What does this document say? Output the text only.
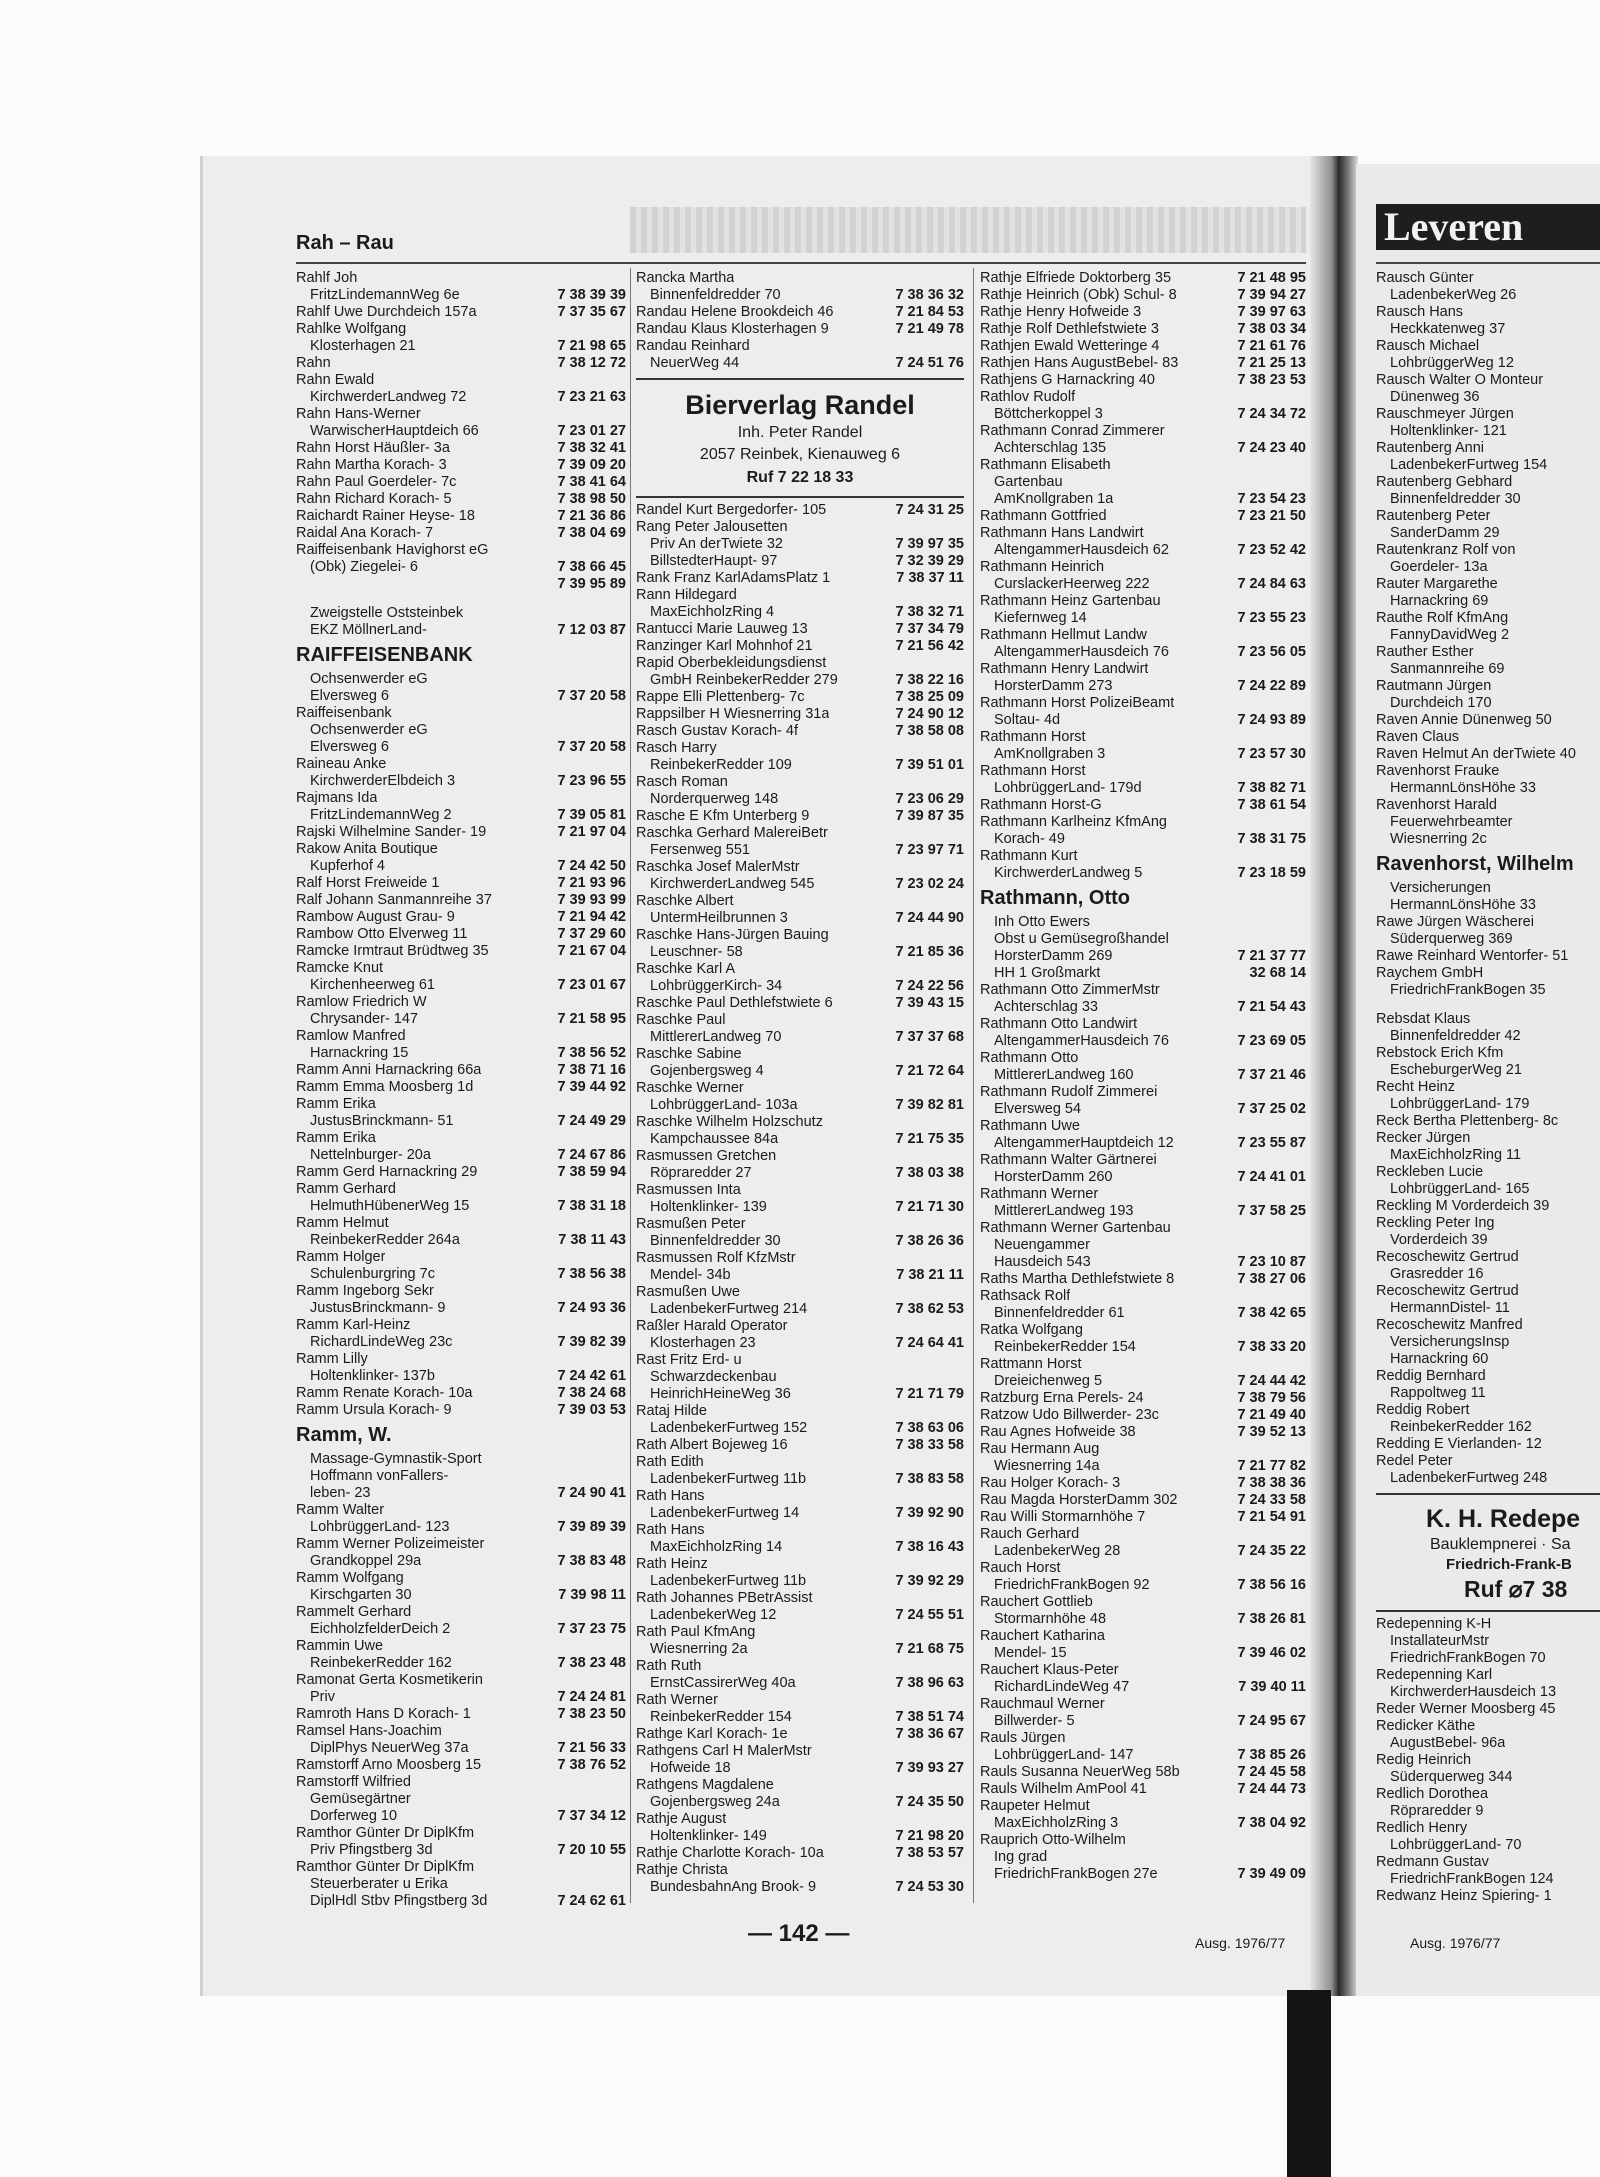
Rah – Rau
Rahlf Joh
FritzLindemannWeg 6e	7 38 39 39
Rahlf Uwe Durchdeich 157a	7 37 35 67
Rahlke Wolfgang
Klosterhagen 21	7 21 98 65
Rahn	7 38 12 72
Rahn Ewald
KirchwerderLandweg 72	7 23 21 63
Rahn Hans-Werner
WarwischerHauptdeich 66	7 23 01 27
Rahn Horst Häußler- 3a	7 38 32 41
Rahn Martha Korach- 3	7 39 09 20
Rahn Paul Goerdeler- 7c	7 38 41 64
Rahn Richard Korach- 5	7 38 98 50
Raichardt Rainer Heyse- 18	7 21 36 86
Raidal Ana Korach- 7	7 38 04 69
Raiffeisenbank Havighorst eG
(Obk) Ziegelei- 6	7 38 66 45
7 39 95 89
Zweigstelle Oststeinbek
EKZ MöllnerLand-	7 12 03 87
RAIFFEISENBANK
Ochsenwerder eG
Elversweg 6	7 37 20 58
Raiffeisenbank
Ochsenwerder eG
Elversweg 6	7 37 20 58
Raineau Anke
KirchwerderElbdeich 3	7 23 96 55
Rajmans Ida
FritzLindemannWeg 2	7 39 05 81
Rajski Wilhelmine Sander- 19	7 21 97 04
Rakow Anita Boutique
Kupferhof 4	7 24 42 50
Ralf Horst Freiweide 1	7 21 93 96
Ralf Johann Sanmannreihe 37	7 39 93 99
Rambow August Grau- 9	7 21 94 42
Rambow Otto Elverweg 11	7 37 29 60
Ramcke Irmtraut Brüdtweg 35	7 21 67 04
Ramcke Knut
Kirchenheerweg 61	7 23 01 67
Ramlow Friedrich W
Chrysander- 147	7 21 58 95
Ramlow Manfred
Harnackring 15	7 38 56 52
Ramm Anni Harnackring 66a	7 38 71 16
Ramm Emma Moosberg 1d	7 39 44 92
Ramm Erika
JustusBrinckmann- 51	7 24 49 29
Ramm Erika
Nettelnburger- 20a	7 24 67 86
Ramm Gerd Harnackring 29	7 38 59 94
Ramm Gerhard
HelmuthHübenerWeg 15	7 38 31 18
Ramm Helmut
ReinbekerRedder 264a	7 38 11 43
Ramm Holger
Schulenburgring 7c	7 38 56 38
Ramm Ingeborg Sekr
JustusBrinckmann- 9	7 24 93 36
Ramm Karl-Heinz
RichardLindeWeg 23c	7 39 82 39
Ramm Lilly
Holtenklinker- 137b	7 24 42 61
Ramm Renate Korach- 10a	7 38 24 68
Ramm Ursula Korach- 9	7 39 03 53
Ramm, W.
Massage-Gymnastik-Sport
Hoffmann vonFallers-
leben- 23	7 24 90 41
Ramm Walter
LohbrüggerLand- 123	7 39 89 39
Ramm Werner Polizeimeister
Grandkoppel 29a	7 38 83 48
Ramm Wolfgang
Kirschgarten 30	7 39 98 11
Rammelt Gerhard
EichholzfelderDeich 2	7 37 23 75
Rammin Uwe
ReinbekerRedder 162	7 38 23 48
Ramonat Gerta Kosmetikerin
Priv	7 24 24 81
Ramroth Hans D Korach- 1	7 38 23 50
Ramsel Hans-Joachim
DiplPhys NeuerWeg 37a	7 21 56 33
Ramstorff Arno Moosberg 15	7 38 76 52
Ramstorff Wilfried
Gemüsegärtner
Dorferweg 10	7 37 34 12
Ramthor Günter Dr DiplKfm
Priv Pfingstberg 3d	7 20 10 55
Ramthor Günter Dr DiplKfm
Steuerberater u Erika
DiplHdl Stbv Pfingstberg 3d	7 24 62 61
Rancka Martha
Binnenfeldredder 70	7 38 36 32
Randau Helene Brookdeich 46	7 21 84 53
Randau Klaus Klosterhagen 9	7 21 49 78
Randau Reinhard
NeuerWeg 44	7 24 51 76
Bierverlag Randel
Inh. Peter Randel
2057 Reinbek, Kienauweg 6
Ruf 7 22 18 33
Randel Kurt Bergedorfer- 105	7 24 31 25
Rang Peter Jalousetten
Priv An derTwiete 32	7 39 97 35
BillstedterHaupt- 97	7 32 39 29
Rank Franz KarlAdamsPlatz 1	7 38 37 11
Rann Hildegard
MaxEichholzRing 4	7 38 32 71
Rantucci Marie Lauweg 13	7 37 34 79
Ranzinger Karl Mohnhof 21	7 21 56 42
Rapid Oberbekleidungsdienst
GmbH ReinbekerRedder 279	7 38 22 16
Rappe Elli Plettenberg- 7c	7 38 25 09
Rappsilber H Wiesnerring 31a	7 24 90 12
Rasch Gustav Korach- 4f	7 38 58 08
Rasch Harry
ReinbekerRedder 109	7 39 51 01
Rasch Roman
Norderquerweg 148	7 23 06 29
Rasche E Kfm Unterberg 9	7 39 87 35
Raschka Gerhard MalereiBetr
Fersenweg 551	7 23 97 71
Raschka Josef MalerMstr
KirchwerderLandweg 545	7 23 02 24
Raschke Albert
UntermHeilbrunnen 3	7 24 44 90
Raschke Hans-Jürgen Bauing
Leuschner- 58	7 21 85 36
Raschke Karl A
LohbrüggerKirch- 34	7 24 22 56
Raschke Paul Dethlefstwiete 6	7 39 43 15
Raschke Paul
MittlererLandweg 70	7 37 37 68
Raschke Sabine
Gojenbergsweg 4	7 21 72 64
Raschke Werner
LohbrüggerLand- 103a	7 39 82 81
Raschke Wilhelm Holzschutz
Kampchaussee 84a	7 21 75 35
Rasmussen Gretchen
Röpraredder 27	7 38 03 38
Rasmussen Inta
Holtenklinker- 139	7 21 71 30
Rasmußen Peter
Binnenfeldredder 30	7 38 26 36
Rasmussen Rolf KfzMstr
Mendel- 34b	7 38 21 11
Rasmußen Uwe
LadenbekerFurtweg 214	7 38 62 53
Raßler Harald Operator
Klosterhagen 23	7 24 64 41
Rast Fritz Erd- u
Schwarzdeckenbau
HeinrichHeineWeg 36	7 21 71 79
Rataj Hilde
LadenbekerFurtweg 152	7 38 63 06
Rath Albert Bojeweg 16	7 38 33 58
Rath Edith
LadenbekerFurtweg 11b	7 38 83 58
Rath Hans
LadenbekerFurtweg 14	7 39 92 90
Rath Hans
MaxEichholzRing 14	7 38 16 43
Rath Heinz
LadenbekerFurtweg 11b	7 39 92 29
Rath Johannes PBetrAssist
LadenbekerWeg 12	7 24 55 51
Rath Paul KfmAng
Wiesnerring 2a	7 21 68 75
Rath Ruth
ErnstCassirerWeg 40a	7 38 96 63
Rath Werner
ReinbekerRedder 154	7 38 51 74
Rathge Karl Korach- 1e	7 38 36 67
Rathgens Carl H MalerMstr
Hofweide 18	7 39 93 27
Rathgens Magdalene
Gojenbergsweg 24a	7 24 35 50
Rathje August
Holtenklinker- 149	7 21 98 20
Rathje Charlotte Korach- 10a	7 38 53 57
Rathje Christa
BundesbahnAng Brook- 9	7 24 53 30
Rathje Elfriede Doktorberg 35	7 21 48 95
Rathje Heinrich (Obk) Schul- 8	7 39 94 27
Rathje Henry Hofweide 3	7 39 97 63
Rathje Rolf Dethlefstwiete 3	7 38 03 34
Rathjen Ewald Wetteringe 4	7 21 61 76
Rathjen Hans AugustBebel- 83	7 21 25 13
Rathjens G Harnackring 40	7 38 23 53
Rathlov Rudolf
Böttcherkoppel 3	7 24 34 72
Rathmann Conrad Zimmerer
Achterschlag 135	7 24 23 40
Rathmann Elisabeth
Gartenbau
AmKnollgraben 1a	7 23 54 23
Rathmann Gottfried	7 23 21 50
Rathmann Hans Landwirt
AltengammerHausdeich 62	7 23 52 42
Rathmann Heinrich
CurslackerHeerweg 222	7 24 84 63
Rathmann Heinz Gartenbau
Kiefernweg 14	7 23 55 23
Rathmann Hellmut Landw
AltengammerHausdeich 76	7 23 56 05
Rathmann Henry Landwirt
HorsterDamm 273	7 24 22 89
Rathmann Horst PolizeiBeamt
Soltau- 4d	7 24 93 89
Rathmann Horst
AmKnollgraben 3	7 23 57 30
Rathmann Horst
LohbrüggerLand- 179d	7 38 82 71
Rathmann Horst-G	7 38 61 54
Rathmann Karlheinz KfmAng
Korach- 49	7 38 31 75
Rathmann Kurt
KirchwerderLandweg 5	7 23 18 59
Rathmann, Otto
Inh Otto Ewers
Obst u Gemüsegroßhandel
HorsterDamm 269	7 21 37 77
HH 1 Großmarkt	32 68 14
Rathmann Otto ZimmerMstr
Achterschlag 33	7 21 54 43
Rathmann Otto Landwirt
AltengammerHausdeich 76	7 23 69 05
Rathmann Otto
MittlererLandweg 160	7 37 21 46
Rathmann Rudolf Zimmerei
Elversweg 54	7 37 25 02
Rathmann Uwe
AltengammerHauptdeich 12	7 23 55 87
Rathmann Walter Gärtnerei
HorsterDamm 260	7 24 41 01
Rathmann Werner
MittlererLandweg 193	7 37 58 25
Rathmann Werner Gartenbau
Neuengammer
Hausdeich 543	7 23 10 87
Raths Martha Dethlefstwiete 8	7 38 27 06
Rathsack Rolf
Binnenfeldredder 61	7 38 42 65
Ratka Wolfgang
ReinbekerRedder 154	7 38 33 20
Rattmann Horst
Dreieichenweg 5	7 24 44 42
Ratzburg Erna Perels- 24	7 38 79 56
Ratzow Udo Billwerder- 23c	7 21 49 40
Rau Agnes Hofweide 38	7 39 52 13
Rau Hermann Aug
Wiesnerring 14a	7 21 77 82
Rau Holger Korach- 3	7 38 38 36
Rau Magda HorsterDamm 302	7 24 33 58
Rau Willi Stormarnhöhe 7	7 21 54 91
Rauch Gerhard
LadenbekerWeg 28	7 24 35 22
Rauch Horst
FriedrichFrankBogen 92	7 38 56 16
Rauchert Gottlieb
Stormarnhöhe 48	7 38 26 81
Rauchert Katharina
Mendel- 15	7 39 46 02
Rauchert Klaus-Peter
RichardLindeWeg 47	7 39 40 11
Rauchmaul Werner
Billwerder- 5	7 24 95 67
Rauls Jürgen
LohbrüggerLand- 147	7 38 85 26
Rauls Susanna NeuerWeg 58b	7 24 45 58
Rauls Wilhelm AmPool 41	7 24 44 73
Raupeter Helmut
MaxEichholzRing 3	7 38 04 92
Rauprich Otto-Wilhelm
Ing grad
FriedrichFrankBogen 27e	7 39 49 09
Leveren
Rausch Günter
LadenbekerWeg 26
Rausch Hans
Heckkatenweg 37
Rausch Michael
LohbrüggerWeg 12
Rausch Walter O Monteur
Dünenweg 36
Rauschmeyer Jürgen
Holtenklinker- 121
Rautenberg Anni
LadenbekerFurtweg 154
Rautenberg Gebhard
Binnenfeldredder 30
Rautenberg Peter
SanderDamm 29
Rautenkranz Rolf von
Goerdeler- 13a
Rauter Margarethe
Harnackring 69
Rauthe Rolf KfmAng
FannyDavidWeg 2
Rauther Esther
Sanmannreihe 69
Rautmann Jürgen
Durchdeich 170
Raven Annie Dünenweg 50
Raven Claus
Raven Helmut An derTwiete 40
Ravenhorst Frauke
HermannLönsHöhe 33
Ravenhorst Harald
Feuerwehrbeamter
Wiesnerring 2c
Ravenhorst, Wilhelm
Versicherungen
HermannLönsHöhe 33
Rawe Jürgen Wäscherei
Süderquerweg 369
Rawe Reinhard Wentorfer- 51
Raychem GmbH
FriedrichFrankBogen 35
Rebsdat Klaus
Binnenfeldredder 42
Rebstock Erich Kfm
EscheburgerWeg 21
Recht Heinz
LohbrüggerLand- 179
Reck Bertha Plettenberg- 8c
Recker Jürgen
MaxEichholzRing 11
Reckleben Lucie
LohbrüggerLand- 165
Reckling M Vorderdeich 39
Reckling Peter Ing
Vorderdeich 39
Recoschewitz Gertrud
Grasredder 16
Recoschewitz Gertrud
HermannDistel- 11
Recoschewitz Manfred
VersicherungsInsp
Harnackring 60
Reddig Bernhard
Rappoltweg 11
Reddig Robert
ReinbekerRedder 162
Redding E Vierlanden- 12
Redel Peter
LadenbekerFurtweg 248
K. H. Redepe
Bauklempnerei · Sa
Friedrich-Frank-B
Ruf ⌀7 38
Redepenning K-H
InstallateurMstr
FriedrichFrankBogen 70
Redepenning Karl
KirchwerderHausdeich 13
Reder Werner Moosberg 45
Redicker Käthe
AugustBebel- 96a
Redig Heinrich
Süderquerweg 344
Redlich Dorothea
Röpraredder 9
Redlich Henry
LohbrüggerLand- 70
Redmann Gustav
FriedrichFrankBogen 124
Redwanz Heinz Spiering- 1
— 142 —	Ausg. 1976/77	Ausg. 1976/77
